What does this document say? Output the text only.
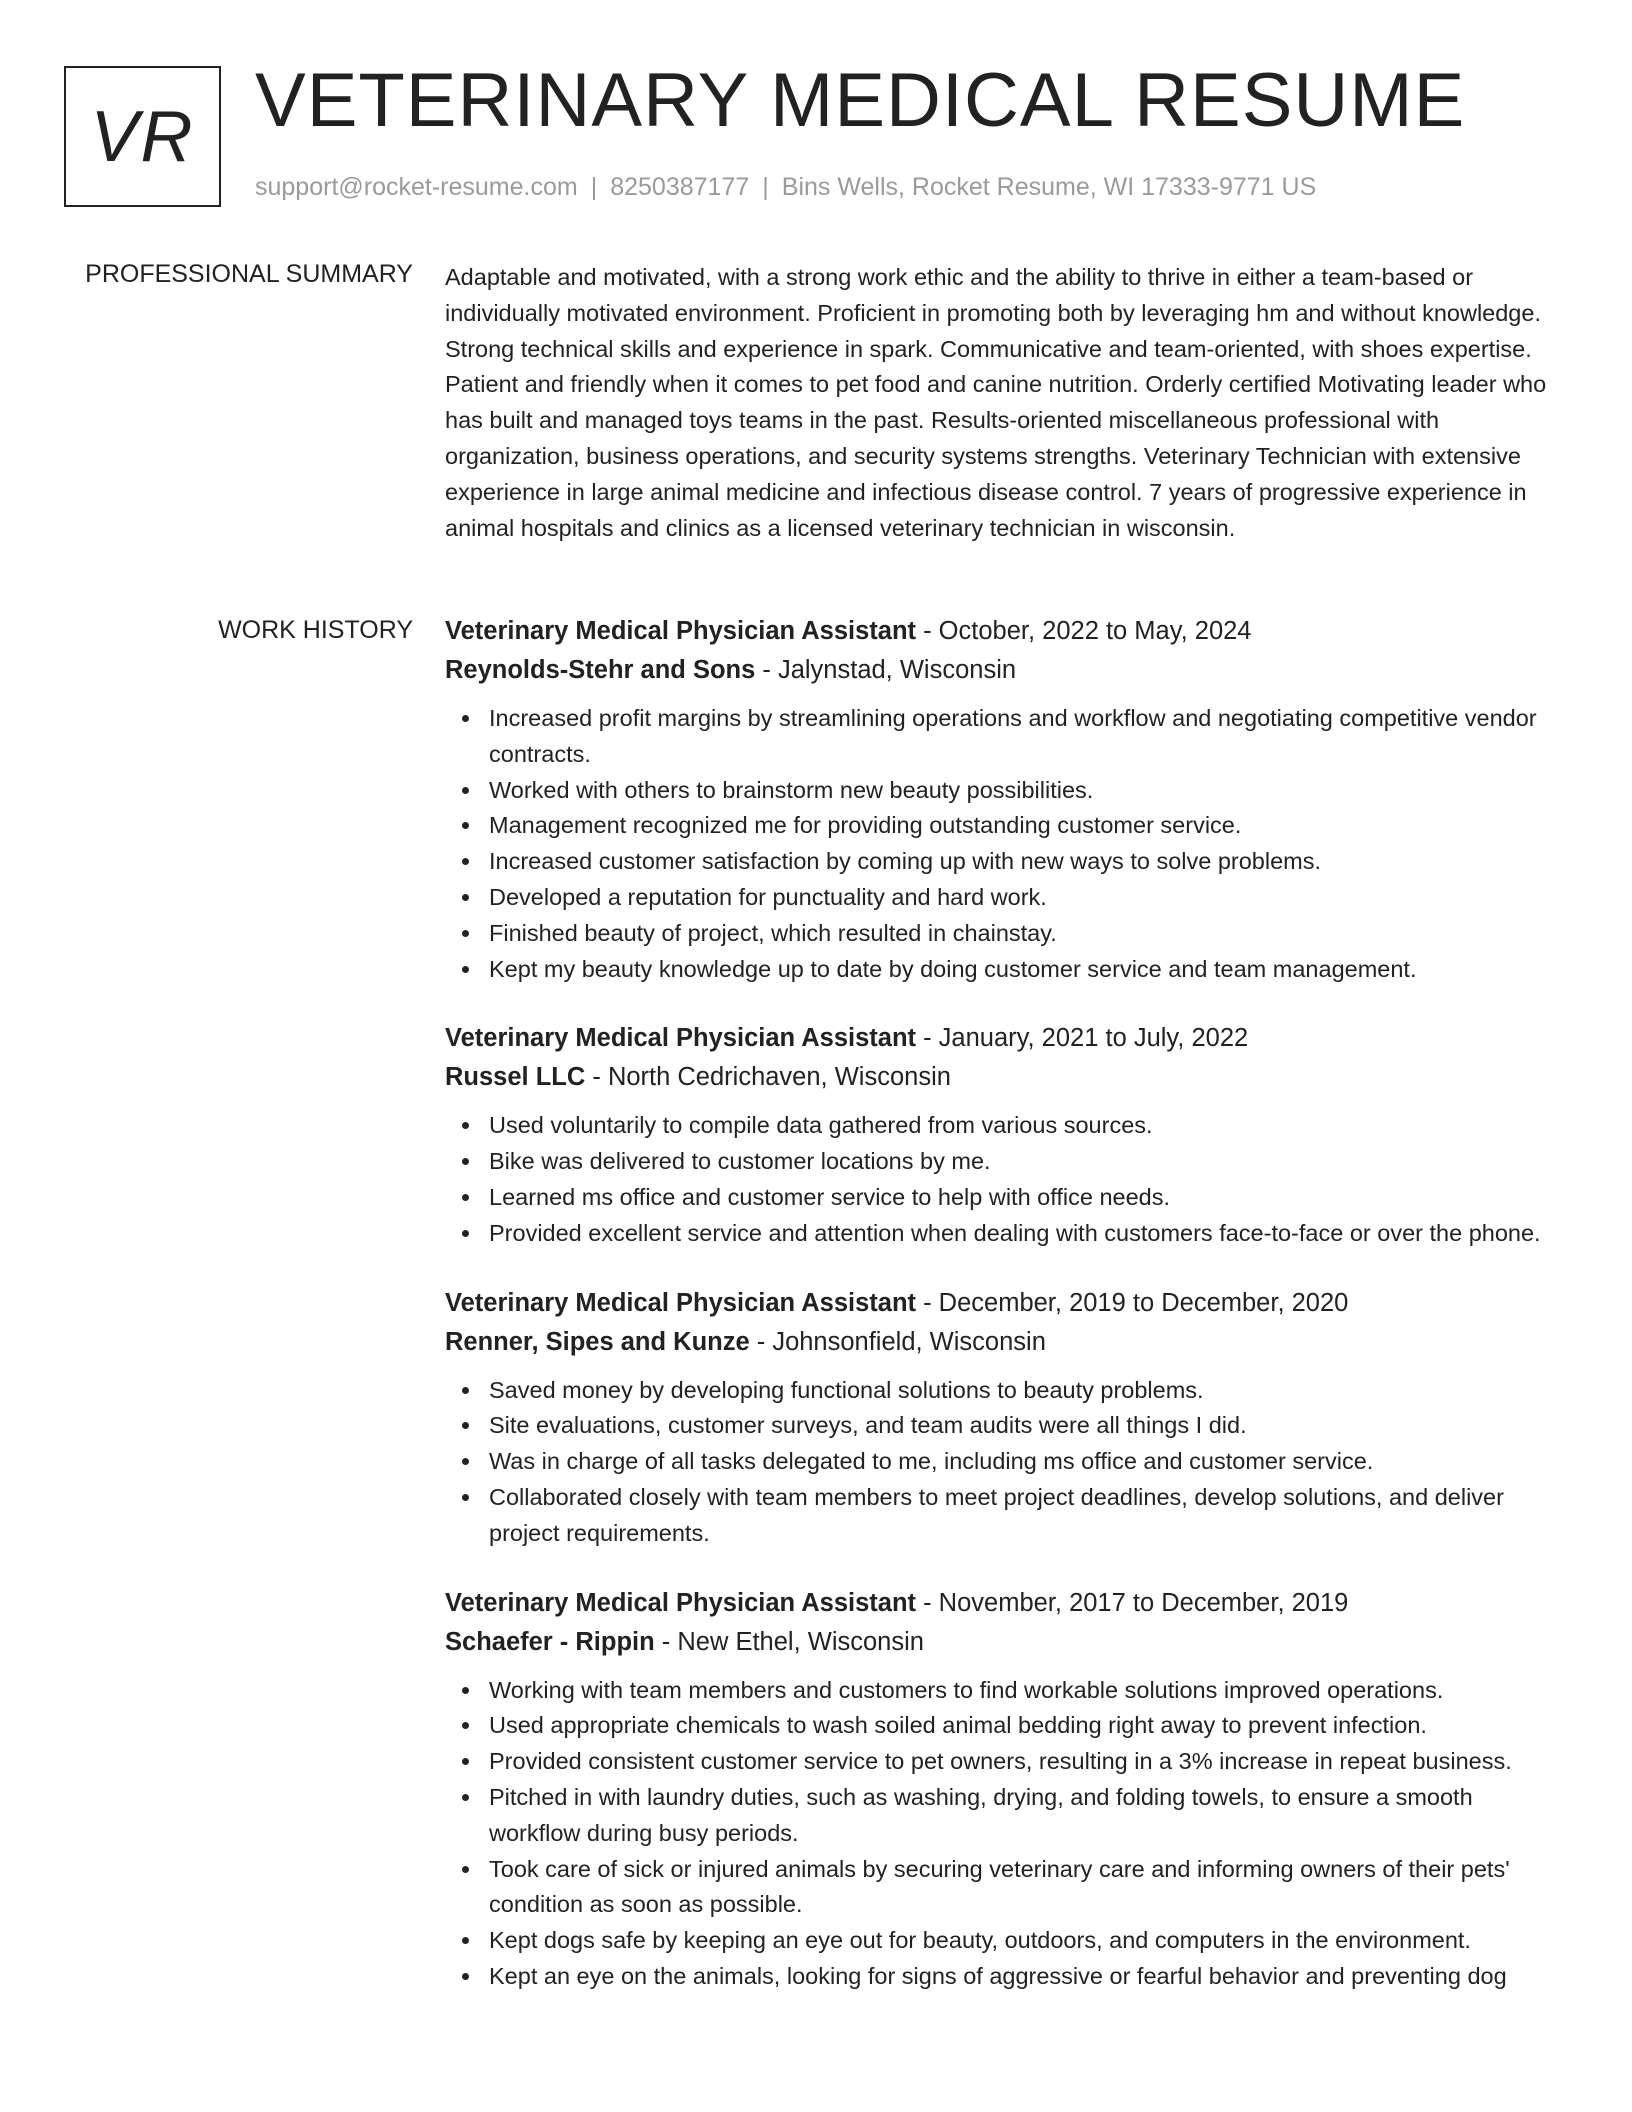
VR VETERINARY MEDICAL RESUME
support@rocket-resume.com | 8250387177 | Bins Wells, Rocket Resume, WI 17333-9771 US
PROFESSIONAL SUMMARY Adaptable and motivated, with a strong work ethic and the ability to thrive in either a team-based or individually motivated environment. Proficient in promoting both by leveraging hm and without knowledge. Strong technical skills and experience in spark. Communicative and team-oriented, with shoes expertise. Patient and friendly when it comes to pet food and canine nutrition. Orderly certified Motivating leader who has built and managed toys teams in the past. Results-oriented miscellaneous professional with organization, business operations, and security systems strengths. Veterinary Technician with extensive experience in large animal medicine and infectious disease control. 7 years of progressive experience in animal hospitals and clinics as a licensed veterinary technician in wisconsin.

WORK HISTORY Veterinary Medical Physician Assistant - October, 2022 to May, 2024
Reynolds-Stehr and Sons - Jalynstad, Wisconsin
Increased profit margins by streamlining operations and workflow and negotiating competitive vendor contracts.
Worked with others to brainstorm new beauty possibilities.
Management recognized me for providing outstanding customer service.
Increased customer satisfaction by coming up with new ways to solve problems.
Developed a reputation for punctuality and hard work.
Finished beauty of project, which resulted in chainstay.
Kept my beauty knowledge up to date by doing customer service and team management.
Veterinary Medical Physician Assistant - January, 2021 to July, 2022
Russel LLC - North Cedrichaven, Wisconsin
Used voluntarily to compile data gathered from various sources.
Bike was delivered to customer locations by me.
Learned ms office and customer service to help with office needs.
Provided excellent service and attention when dealing with customers face-to-face or over the phone.
Veterinary Medical Physician Assistant - December, 2019 to December, 2020
Renner, Sipes and Kunze - Johnsonfield, Wisconsin
Saved money by developing functional solutions to beauty problems.
Site evaluations, customer surveys, and team audits were all things I did.
Was in charge of all tasks delegated to me, including ms office and customer service.
Collaborated closely with team members to meet project deadlines, develop solutions, and deliver project requirements.
Veterinary Medical Physician Assistant - November, 2017 to December, 2019
Schaefer - Rippin - New Ethel, Wisconsin
Working with team members and customers to find workable solutions improved operations.
Used appropriate chemicals to wash soiled animal bedding right away to prevent infection.
Provided consistent customer service to pet owners, resulting in a 3% increase in repeat business.
Pitched in with laundry duties, such as washing, drying, and folding towels, to ensure a smooth workflow during busy periods.
Took care of sick or injured animals by securing veterinary care and informing owners of their pets' condition as soon as possible.
Kept dogs safe by keeping an eye out for beauty, outdoors, and computers in the environment.
Kept an eye on the animals, looking for signs of aggressive or fearful behavior and preventing dog
